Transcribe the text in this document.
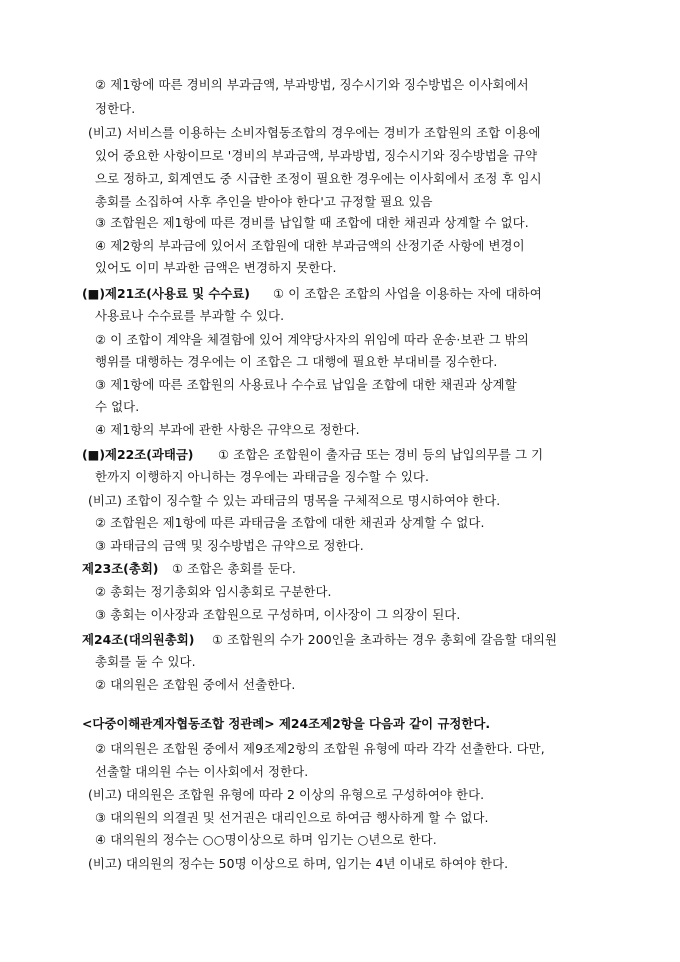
② 제1항에 따른 경비의 부과금액, 부과방법, 징수시기와 징수방법은 이사회에서
정한다.
(비고) 서비스를 이용하는 소비자협동조합의 경우에는 경비가 조합원의 조합 이용에
있어 중요한 사항이므로 '경비의 부과금액, 부과방법, 징수시기와 징수방법을 규약
으로 정하고, 회계연도 중 시급한 조정이 필요한 경우에는 이사회에서 조정 후 임시
총회를 소집하여 사후 추인을 받아야 한다'고 규정할 필요 있음
③ 조합원은 제1항에 따른 경비를 납입할 때 조합에 대한 채권과 상계할 수 없다.
④ 제2항의 부과금에 있어서 조합원에 대한 부과금액의 산정기준 사항에 변경이
있어도 이미 부과한 금액은 변경하지 못한다.
(■)제21조(사용료 및 수수료) ① 이 조합은 조합의 사업을 이용하는 자에 대하여
사용료나 수수료를 부과할 수 있다.
② 이 조합이 계약을 체결함에 있어 계약당사자의 위임에 따라 운송·보관 그 밖의
행위를 대행하는 경우에는 이 조합은 그 대행에 필요한 부대비를 징수한다.
③ 제1항에 따른 조합원의 사용료나 수수료 납입을 조합에 대한 채권과 상계할
수 없다.
④ 제1항의 부과에 관한 사항은 규약으로 정한다.
(■)제22조(과태금) ① 조합은 조합원이 출자금 또는 경비 등의 납입의무를 그 기
한까지 이행하지 아니하는 경우에는 과태금을 징수할 수 있다.
(비고) 조합이 징수할 수 있는 과태금의 명목을 구체적으로 명시하여야 한다.
② 조합원은 제1항에 따른 과태금을 조합에 대한 채권과 상계할 수 없다.
③ 과태금의 금액 및 징수방법은 규약으로 정한다.
제23조(총회) ① 조합은 총회를 둔다.
② 총회는 정기총회와 임시총회로 구분한다.
③ 총회는 이사장과 조합원으로 구성하며, 이사장이 그 의장이 된다.
제24조(대의원총회) ① 조합원의 수가 200인을 초과하는 경우 총회에 갈음할 대의원
총회를 둘 수 있다.
② 대의원은 조합원 중에서 선출한다.
<다중이해관계자협동조합 정관례> 제24조제2항을 다음과 같이 규정한다.
② 대의원은 조합원 중에서 제9조제2항의 조합원 유형에 따라 각각 선출한다. 다만,
선출할 대의원 수는 이사회에서 정한다.
(비고) 대의원은 조합원 유형에 따라 2 이상의 유형으로 구성하여야 한다.
③ 대의원의 의결권 및 선거권은 대리인으로 하여금 행사하게 할 수 없다.
④ 대의원의 정수는 ○○명이상으로 하며 임기는 ○년으로 한다.
(비고) 대의원의 정수는 50명 이상으로 하며, 임기는 4년 이내로 하여야 한다.
